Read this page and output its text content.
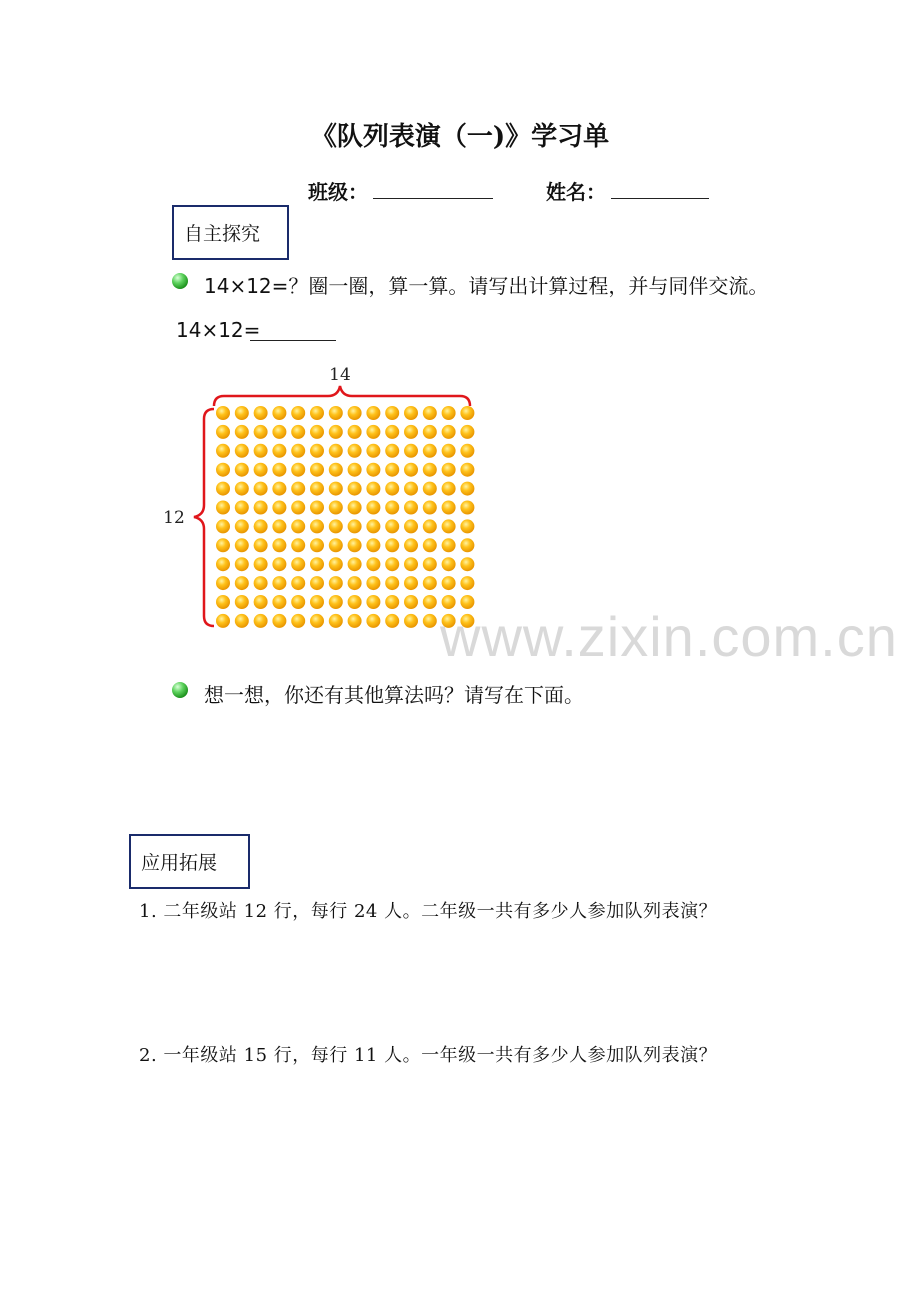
《队列表演（一)》学习单
班级：	姓名：
自主探究
14×12=？圈一圈，算一算。请写出计算过程，并与同伴交流。
14×12=
14
12
www.zixin.com.cn
想一想，你还有其他算法吗？请写在下面。
应用拓展
1. 二年级站 12 行，每行 24 人。二年级一共有多少人参加队列表演？
2. 一年级站 15 行，每行 11 人。一年级一共有多少人参加队列表演？
